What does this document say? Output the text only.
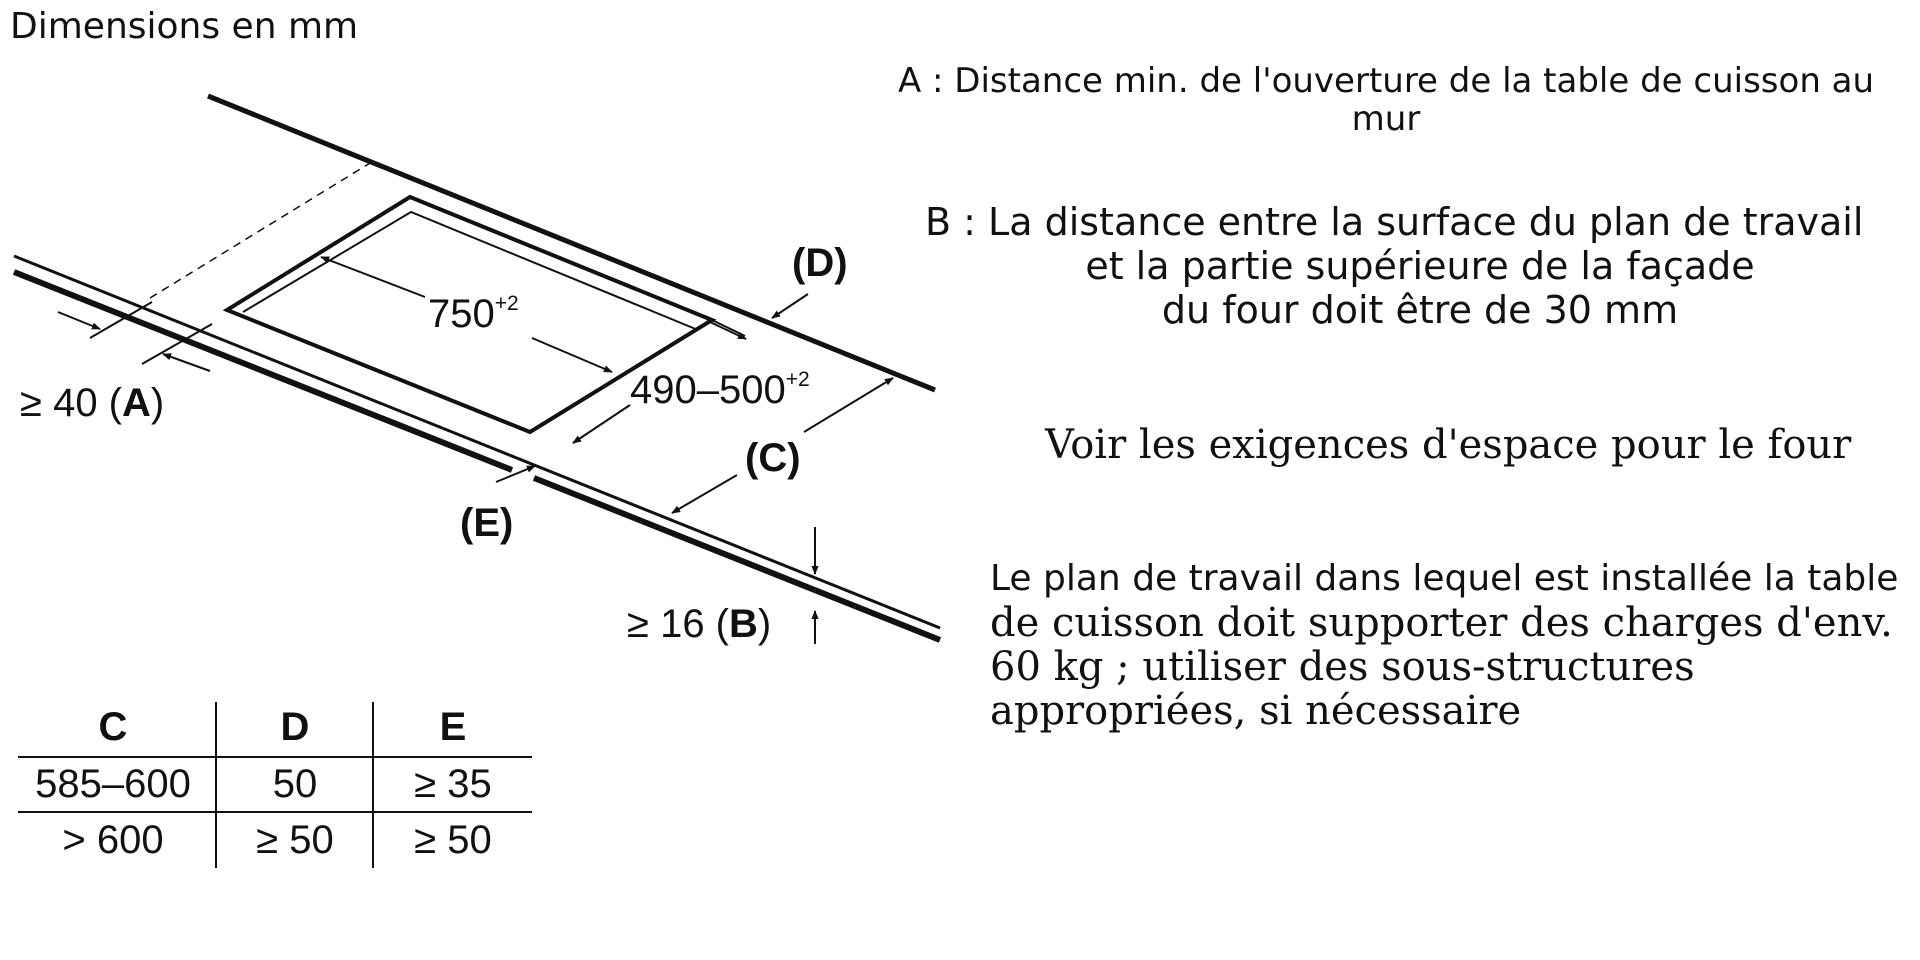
$750^{+2}$
$490-500^{+2}$
≥ 40 (A)
≥ 16 (B)
(C)
(D)
(E)
C	D	E
585–600 50 ≥ 35
> 600 ≥ 50 ≥ 50

Dimensions en mm

A : Distance min. de l'ouverture de la table de cuisson au
mur
B : La distance entre la surface du plan de travail
et la partie supérieure de la façade
du four doit être de 30 mm

Voir les exigences d'espace pour le four

Le plan de travail dans lequel est installée la table
de cuisson doit supporter des charges d'env.
60 kg ; utiliser des sous-structures
appropriées, si nécessaire
